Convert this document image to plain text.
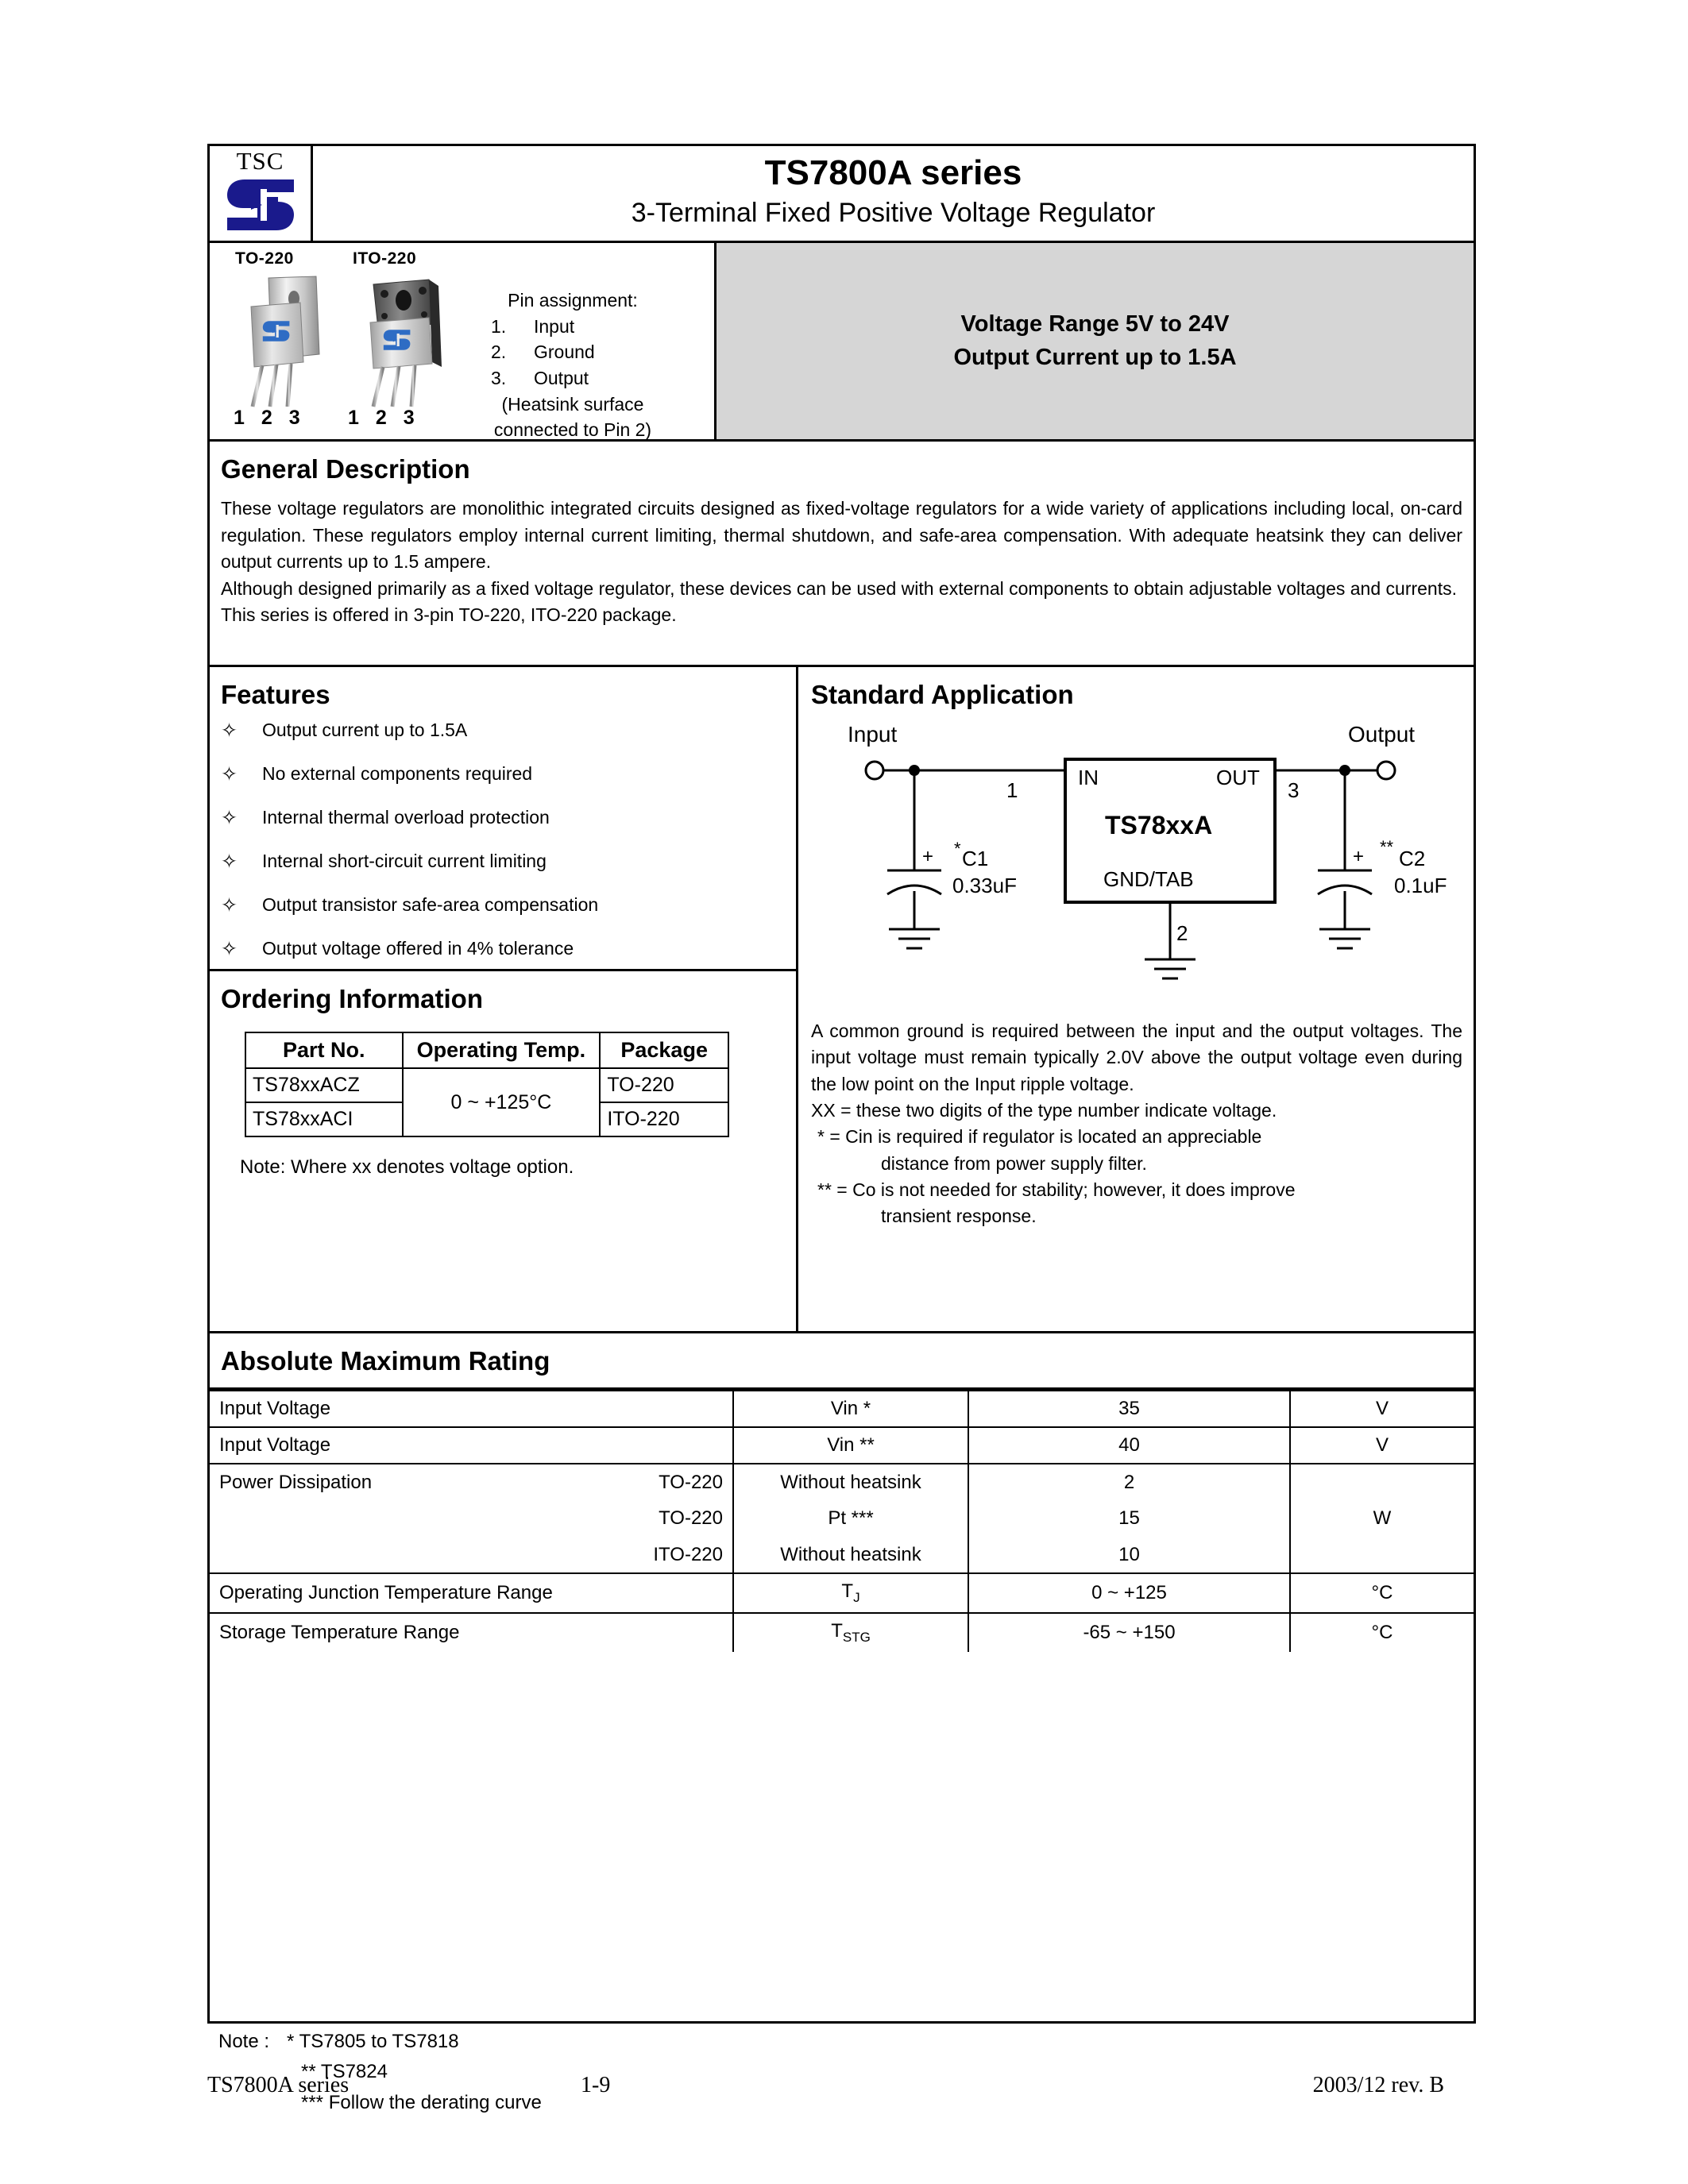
TSC	TS7800A series
3-Terminal Fixed Positive Voltage Regulator
TO-220	ITO-220
1 2 3 1 2 3
Pin assignment:
1. Input
2. Ground
3. Output
(Heatsink surface
connected to Pin 2)
Voltage Range 5V to 24V
Output Current up to 1.5A
General Description

These voltage regulators are monolithic integrated circuits designed as fixed-voltage regulators for a wide variety of applications including local, on-card regulation. These regulators employ internal current limiting, thermal shutdown, and safe-area compensation. With adequate heatsink they can deliver output currents up to 1.5 ampere.

Although designed primarily as a fixed voltage regulator, these devices can be used with external components to obtain adjustable voltages and currents.

This series is offered in 3-pin TO-220, ITO-220 package.

Features
✧	Output current up to 1.5A
✧	No external components required
✧	Internal thermal overload protection
✧	Internal short-circuit current limiting
✧	Output transistor safe-area compensation
✧	Output voltage offered in 4% tolerance
Ordering Information
Part No.	Operating Temp.	Package
TS78xxACZ	0 ~ +125°C	TO-220
TS78xxACI		ITO-220
Note: Where xx denotes voltage option.
Standard Application
Input	Output
1	3
2
IN	OUT
TS78xxA
GND/TAB
+ * C1
0.33uF
+ ** C2
0.1uF

A common ground is required between the input and the output voltages. The input voltage must remain typically 2.0V above the output voltage even during the low point on the Input ripple voltage.

XX = these two digits of the type number indicate voltage.

* = Cin is required if regulator is located an appreciable

distance from power supply filter.

** = Co is not needed for stability; however, it does improve

transient response.

Absolute Maximum Rating
Input Voltage	Vin *	35	V
Input Voltage	Vin **	40	V
Power Dissipation TO-220	Without heatsink	2	W

TO-220	Pt ***	15	

ITO-220	Without heatsink	10	
Operating Junction Temperature Range	$T_J$	0 ~ +125	°C
Storage Temperature Range	$T_{STG}$	-65 ~ +150	°C
Note : * TS7805 to TS7818
** TS7824
*** Follow the derating curve
TS7800A series	1-9	2003/12 rev. B
